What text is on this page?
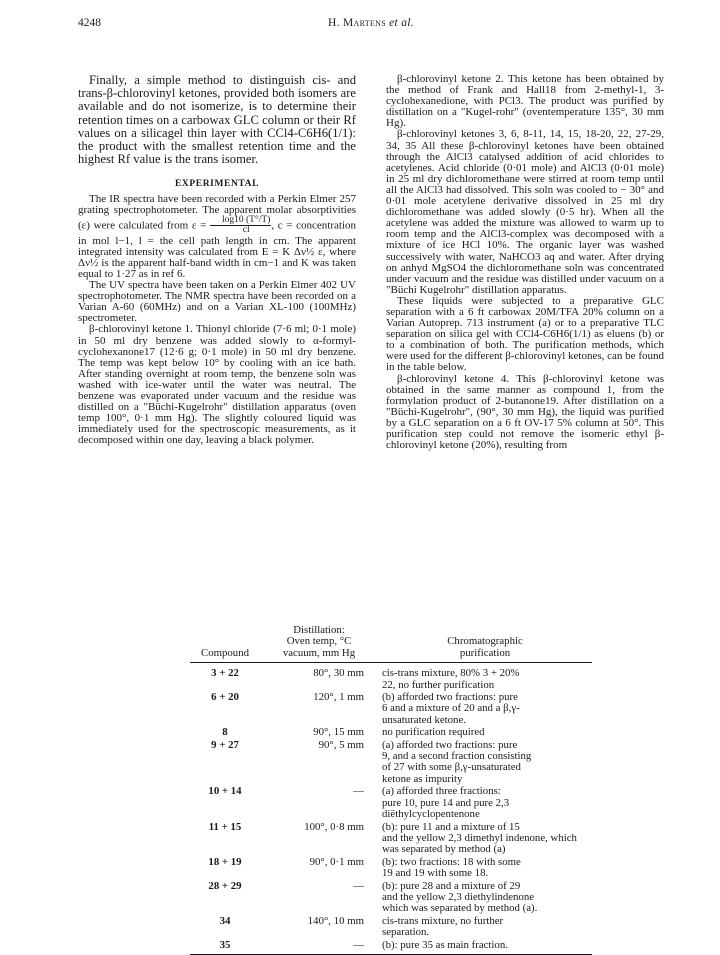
4248	H. Martens et al.

Finally, a simple method to distinguish cis- and trans-β-chlorovinyl ketones, provided both isomers are available and do not isomerize, is to determine their retention times on a carbowax GLC column or their Rf values on a silicagel thin layer with CCl4-C6H6(1/1): the product with the smallest retention time and the highest Rf value is the trans isomer.

EXPERIMENTAL

The IR spectra have been recorded with a Perkin Elmer 257 grating spectrophotometer. The apparent molar absorptivities (ε) were calculated from $\varepsilon = \frac{\log 10 (T^\circ/T)}{cl}$ , c = concentration in mol l−1, l = the cell path length in cm. The apparent integrated intensity was calculated from E = K Δν½ ε, where Δν½ is the apparent half-band width in cm−1 and K was taken equal to 1·27 as in ref 6.

The UV spectra have been taken on a Perkin Elmer 402 UV spectrophotometer. The NMR spectra have been recorded on a Varian A-60 (60MHz) and on a Varian XL-100 (100MHz) spectrometer.

β-chlorovinyl ketone 1. Thionyl chloride (7·6 ml; 0·1 mole) in 50 ml dry benzene was added slowly to α-formyl-cyclohexanone17 (12·6 g; 0·1 mole) in 50 ml dry benzene. The temp was kept below 10° by cooling with an ice bath. After standing overnight at room temp, the benzene soln was washed with ice-water until the water was neutral. The benzene was evaporated under vacuum and the residue was distilled on a "Büchi-Kugelrohr" distillation apparatus (oven temp 100°, 0·1 mm Hg). The slightly coloured liquid was immediately used for the spectroscopic measurements, as it decomposed within one day, leaving a black polymer.

β-chlorovinyl ketone 2. This ketone has been obtained by the method of Frank and Hall18 from 2-methyl-1, 3-cyclohexanedione, with PCl3. The product was purified by distillation on a "Kugel-rohr" (oventemperature 135°, 30 mm Hg).

β-chlorovinyl ketones 3, 6, 8-11, 14, 15, 18-20, 22, 27-29, 34, 35 All these β-chlorovinyl ketones have been obtained through the AlCl3 catalysed addition of acid chlorides to acetylenes. Acid chloride (0·01 mole) and AlCl3 (0·01 mole) in 25 ml dry dichloromethane were stirred at room temp until all the AlCl3 had dissolved. This soln was cooled to − 30° and 0·01 mole acetylene derivative dissolved in 25 ml dry dichloromethane was added slowly (0·5 hr). When all the acetylene was added the mixture was allowed to warm up to room temp and the AlCl3-complex was decomposed with a mixture of ice HCl 10%. The organic layer was washed successively with water, NaHCO3 aq and water. After drying on anhyd MgSO4 the dichloromethane soln was concentrated under vacuum and the residue was distilled under vacuum on a "Büchi Kugelrohr" distillation apparatus.

These liquids were subjected to a preparative GLC separation with a 6 ft carbowax 20M/TFA 20% column on a Varian Autoprep. 713 instrument (a) or to a preparative TLC separation on silica gel with CCl4-C6H6(1/1) as eluens (b) or to a combination of both. The purification methods, which were used for the different β-chlorovinyl ketones, can be found in the table below.

β-chlorovinyl ketone 4. This β-chlorovinyl ketone was obtained in the same manner as compound 1, from the formylation product of 2-butanone19. After distillation on a "Büchi-Kugelrohr", (90°, 30 mm Hg), the liquid was purified by a GLC separation on a 6 ft OV-17 5% column at 50°. This purification step could not remove the isomeric ethyl β-chlorovinyl ketone (20%), resulting from

Compound	Distillation:
Oven temp, °C
vacuum, mm Hg	Chromatographic
purification
3 + 22	80°, 30 mm	cis-trans mixture, 80% 3 + 20%
22, no further purification
6 + 20	120°, 1 mm	(b) afforded two fractions: pure
6 and a mixture of 20 and a β,γ-
unsaturated ketone.
8	90°, 15 mm	no purification required
9 + 27	90°, 5 mm	(a) afforded two fractions: pure
9, and a second fraction consisting
of 27 with some β,γ-unsaturated
ketone as impurity
10 + 14	—	(a) afforded three fractions:
pure 10, pure 14 and pure 2,3 diëthylcyclopentenone
11 + 15	100°, 0·8 mm	(b): pure 11 and a mixture of 15
and the yellow 2,3 dimethyl indenone, which was separated by method (a)
18 + 19	90°, 0·1 mm	(b): two fractions: 18 with some
19 and 19 with some 18.
28 + 29	—	(b): pure 28 and a mixture of 29
and the yellow 2,3 diethylindenone
which was separated by method (a).
34	140°, 10 mm	cis-trans mixture, no further
separation.
35	—	(b): pure 35 as main fraction.
